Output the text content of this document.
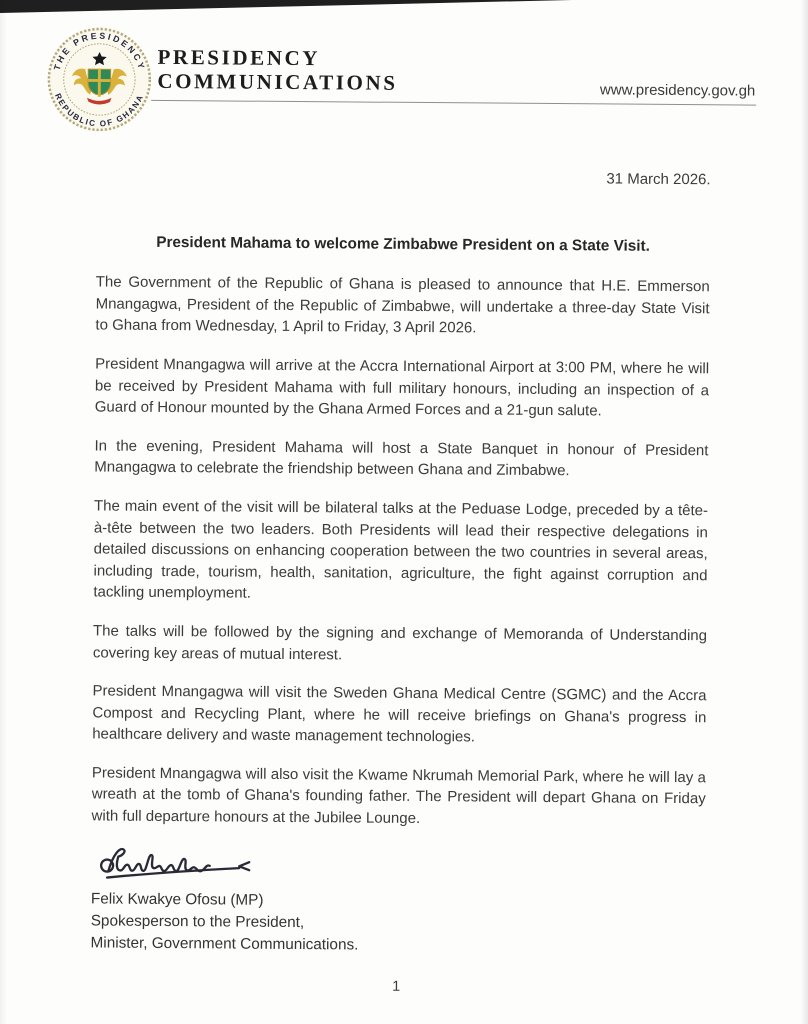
THE PRESIDENCY
REPUBLIC OF GHANA
PRESIDENCY
COMMUNICATIONS	www.presidency.gov.gh
31 March 2026.
President Mahama to welcome Zimbabwe President on a State Visit.

The Government of the Republic of Ghana is pleased to announce that H.E. Emmerson Mnangagwa, President of the Republic of Zimbabwe, will undertake a three-day State Visit to Ghana from Wednesday, 1 April to Friday, 3 April 2026.

President Mnangagwa will arrive at the Accra International Airport at 3:00 PM, where he will be received by President Mahama with full military honours, including an inspection of a Guard of Honour mounted by the Ghana Armed Forces and a 21-gun salute.

In the evening, President Mahama will host a State Banquet in honour of President Mnangagwa to celebrate the friendship between Ghana and Zimbabwe.

The main event of the visit will be bilateral talks at the Peduase Lodge, preceded by a tête-à-tête between the two leaders. Both Presidents will lead their respective delegations in detailed discussions on enhancing cooperation between the two countries in several areas, including trade, tourism, health, sanitation, agriculture, the fight against corruption and tackling unemployment.

The talks will be followed by the signing and exchange of Memoranda of Understanding covering key areas of mutual interest.

President Mnangagwa will visit the Sweden Ghana Medical Centre (SGMC) and the Accra Compost and Recycling Plant, where he will receive briefings on Ghana's progress in healthcare delivery and waste management technologies.

President Mnangagwa will also visit the Kwame Nkrumah Memorial Park, where he will lay a wreath at the tomb of Ghana's founding father. The President will depart Ghana on Friday with full departure honours at the Jubilee Lounge.

Felix Kwakye Ofosu (MP)
Spokesperson to the President,
Minister, Government Communications.
1
